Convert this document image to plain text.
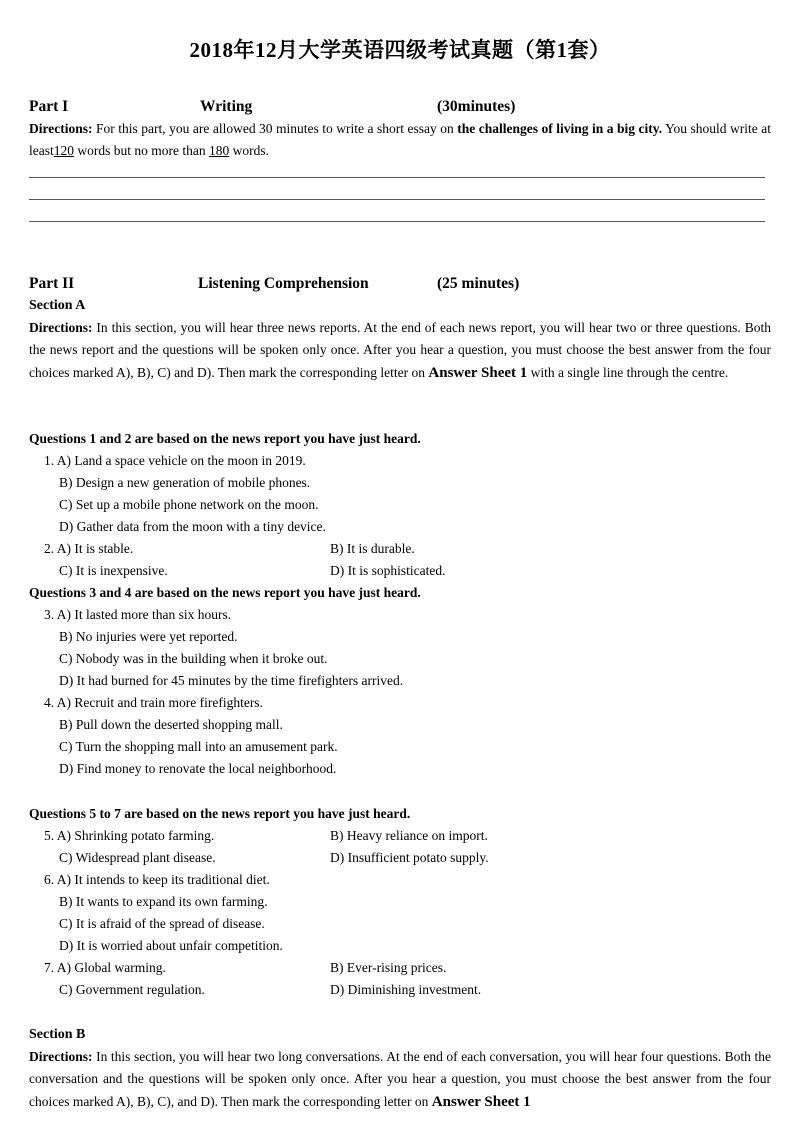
2018年12月大学英语四级考试真题（第1套）
Part I	Writing	(30minutes)
Directions: For this part, you are allowed 30 minutes to write a short essay on the challenges of living in a big city. You should write at least120 words but no more than 180 words.
Part II	Listening Comprehension	(25 minutes)
Section A
Directions: In this section, you will hear three news reports. At the end of each news report, you will hear two or three questions. Both the news report and the questions will be spoken only once. After you hear a question, you must choose the best answer from the four choices marked A), B), C) and D). Then mark the corresponding letter on Answer Sheet 1 with a single line through the centre.
Questions 1 and 2 are based on the news report you have just heard.
1. A) Land a space vehicle on the moon in 2019.
B) Design a new generation of mobile phones.
C) Set up a mobile phone network on the moon.
D) Gather data from the moon with a tiny device.
2. A) It is stable.	B) It is durable.
C) It is inexpensive.	D) It is sophisticated.
Questions 3 and 4 are based on the news report you have just heard.
3. A) It lasted more than six hours.
B) No injuries were yet reported.
C) Nobody was in the building when it broke out.
D) It had burned for 45 minutes by the time firefighters arrived.
4. A) Recruit and train more firefighters.
B) Pull down the deserted shopping mall.
C) Turn the shopping mall into an amusement park.
D) Find money to renovate the local neighborhood.
Questions 5 to 7 are based on the news report you have just heard.
5. A) Shrinking potato farming.	B) Heavy reliance on import.
C) Widespread plant disease.	D) Insufficient potato supply.
6. A) It intends to keep its traditional diet.
B) It wants to expand its own farming.
C) It is afraid of the spread of disease.
D) It is worried about unfair competition.
7. A) Global warming.	B) Ever-rising prices.
C) Government regulation.	D) Diminishing investment.
Section B
Directions: In this section, you will hear two long conversations. At the end of each conversation, you will hear four questions. Both the conversation and the questions will be spoken only once. After you hear a question, you must choose the best answer from the four choices marked A), B), C), and D). Then mark the corresponding letter on Answer Sheet 1
